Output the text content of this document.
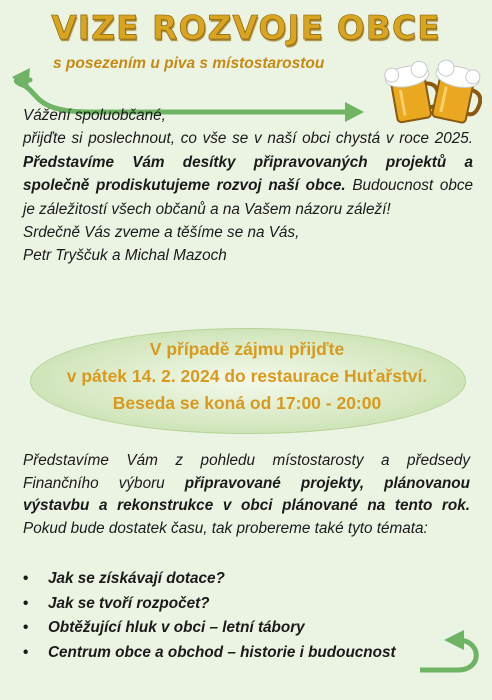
VIZE ROZVOJE OBCE
s posezením u piva s místostarostou

Vážení spoluobčané,

přijďte si poslechnout, co vše se v naší obci chystá v roce 2025. Představíme Vám desítky připravovaných projektů a společně prodiskutujeme rozvoj naší obce. Budoucnost obce je záležitostí všech občanů a na Vašem názoru záleží!

Srdečně Vás zveme a těšíme se na Vás,

Petr Tryščuk a Michal Mazoch

V případě zájmu přijďte
v pátek 14. 2. 2024 do restaurace Huťařství.
Beseda se koná od 17:00 - 20:00

Představíme Vám z pohledu místostarosty a předsedy Finančního výboru připravované projekty, plánovanou výstavbu a rekonstrukce v obci plánované na tento rok. Pokud bude dostatek času, tak probereme také tyto témata:

• Jak se získávají dotace?
• Jak se tvoří rozpočet?
• Obtěžující hluk v obci – letní tábory
• Centrum obce a obchod – historie i budoucnost
